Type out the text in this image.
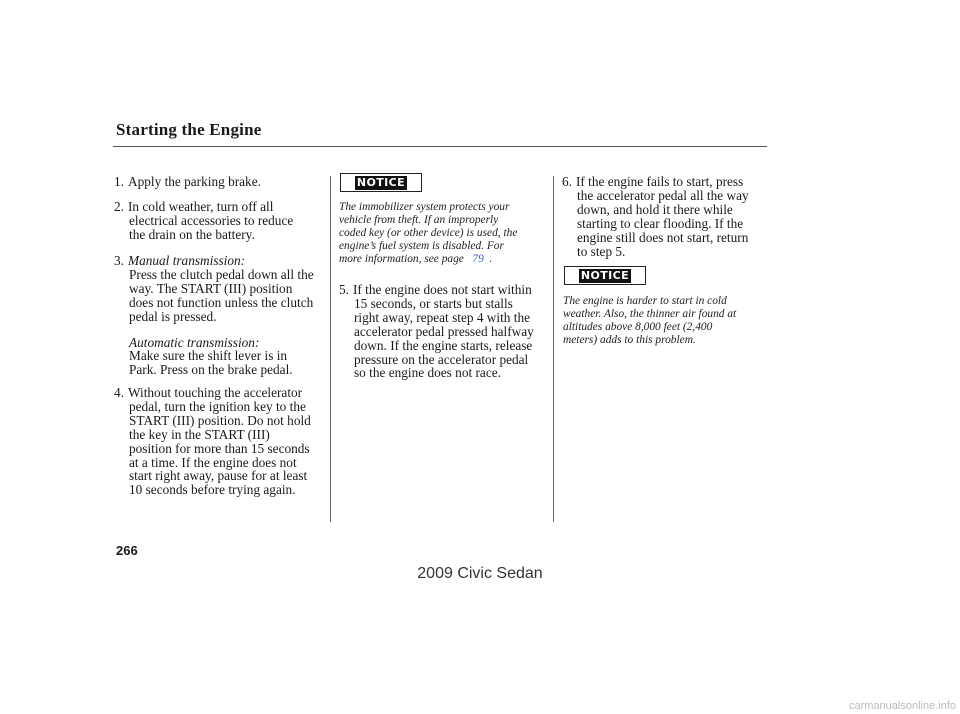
Starting the Engine
1. Apply the parking brake.
2. In cold weather, turn off all
electrical accessories to reduce
the drain on the battery.
3. Manual transmission:
Press the clutch pedal down all the
way. The START (III) position
does not function unless the clutch
pedal is pressed.
Automatic transmission:
Make sure the shift lever is in
Park. Press on the brake pedal.
4. Without touching the accelerator
pedal, turn the ignition key to the
START (III) position. Do not hold
the key in the START (III)
position for more than 15 seconds
at a time. If the engine does not
start right away, pause for at least
10 seconds before trying again.
NOTICE
The immobilizer system protects your
vehicle from theft. If an improperly
coded key (or other device) is used, the
engine’s fuel system is disabled. For
more information, see page 79 .
5. If the engine does not start within
15 seconds, or starts but stalls
right away, repeat step 4 with the
accelerator pedal pressed halfway
down. If the engine starts, release
pressure on the accelerator pedal
so the engine does not race.
6. If the engine fails to start, press
the accelerator pedal all the way
down, and hold it there while
starting to clear flooding. If the
engine still does not start, return
to step 5.
NOTICE
The engine is harder to start in cold
weather. Also, the thinner air found at
altitudes above 8,000 feet (2,400
meters) adds to this problem.
266
2009 Civic Sedan
carmanualsonline.info
